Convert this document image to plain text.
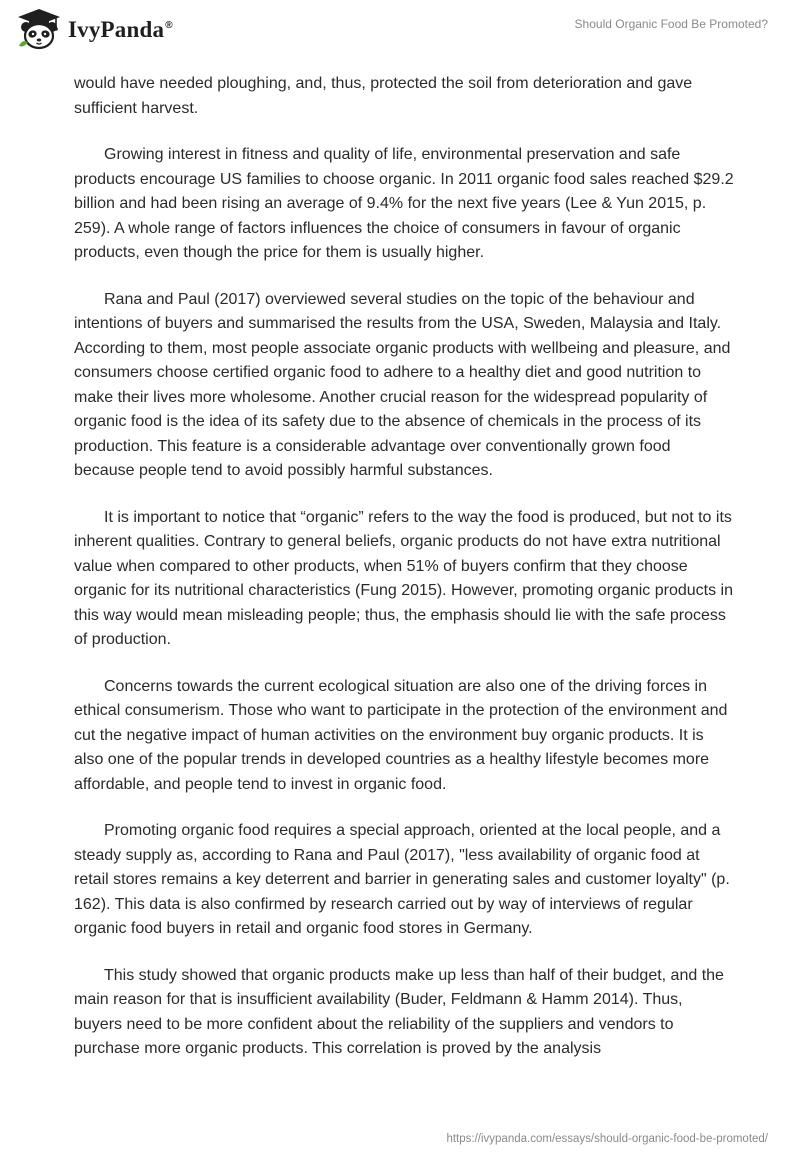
IvyPanda®	Should Organic Food Be Promoted?

would have needed ploughing, and, thus, protected the soil from deterioration and gave sufficient harvest.

Growing interest in fitness and quality of life, environmental preservation and safe products encourage US families to choose organic. In 2011 organic food sales reached $29.2 billion and had been rising an average of 9.4% for the next five years (Lee & Yun 2015, p. 259). A whole range of factors influences the choice of consumers in favour of organic products, even though the price for them is usually higher.

Rana and Paul (2017) overviewed several studies on the topic of the behaviour and intentions of buyers and summarised the results from the USA, Sweden, Malaysia and Italy. According to them, most people associate organic products with wellbeing and pleasure, and consumers choose certified organic food to adhere to a healthy diet and good nutrition to make their lives more wholesome. Another crucial reason for the widespread popularity of organic food is the idea of its safety due to the absence of chemicals in the process of its production. This feature is a considerable advantage over conventionally grown food because people tend to avoid possibly harmful substances.

It is important to notice that “organic” refers to the way the food is produced, but not to its inherent qualities. Contrary to general beliefs, organic products do not have extra nutritional value when compared to other products, when 51% of buyers confirm that they choose organic for its nutritional characteristics (Fung 2015). However, promoting organic products in this way would mean misleading people; thus, the emphasis should lie with the safe process of production.

Concerns towards the current ecological situation are also one of the driving forces in ethical consumerism. Those who want to participate in the protection of the environment and cut the negative impact of human activities on the environment buy organic products. It is also one of the popular trends in developed countries as a healthy lifestyle becomes more affordable, and people tend to invest in organic food.

Promoting organic food requires a special approach, oriented at the local people, and a steady supply as, according to Rana and Paul (2017), "less availability of organic food at retail stores remains a key deterrent and barrier in generating sales and customer loyalty" (p. 162). This data is also confirmed by research carried out by way of interviews of regular organic food buyers in retail and organic food stores in Germany.

This study showed that organic products make up less than half of their budget, and the main reason for that is insufficient availability (Buder, Feldmann & Hamm 2014). Thus, buyers need to be more confident about the reliability of the suppliers and vendors to purchase more organic products. This correlation is proved by the analysis

https://ivypanda.com/essays/should-organic-food-be-promoted/
